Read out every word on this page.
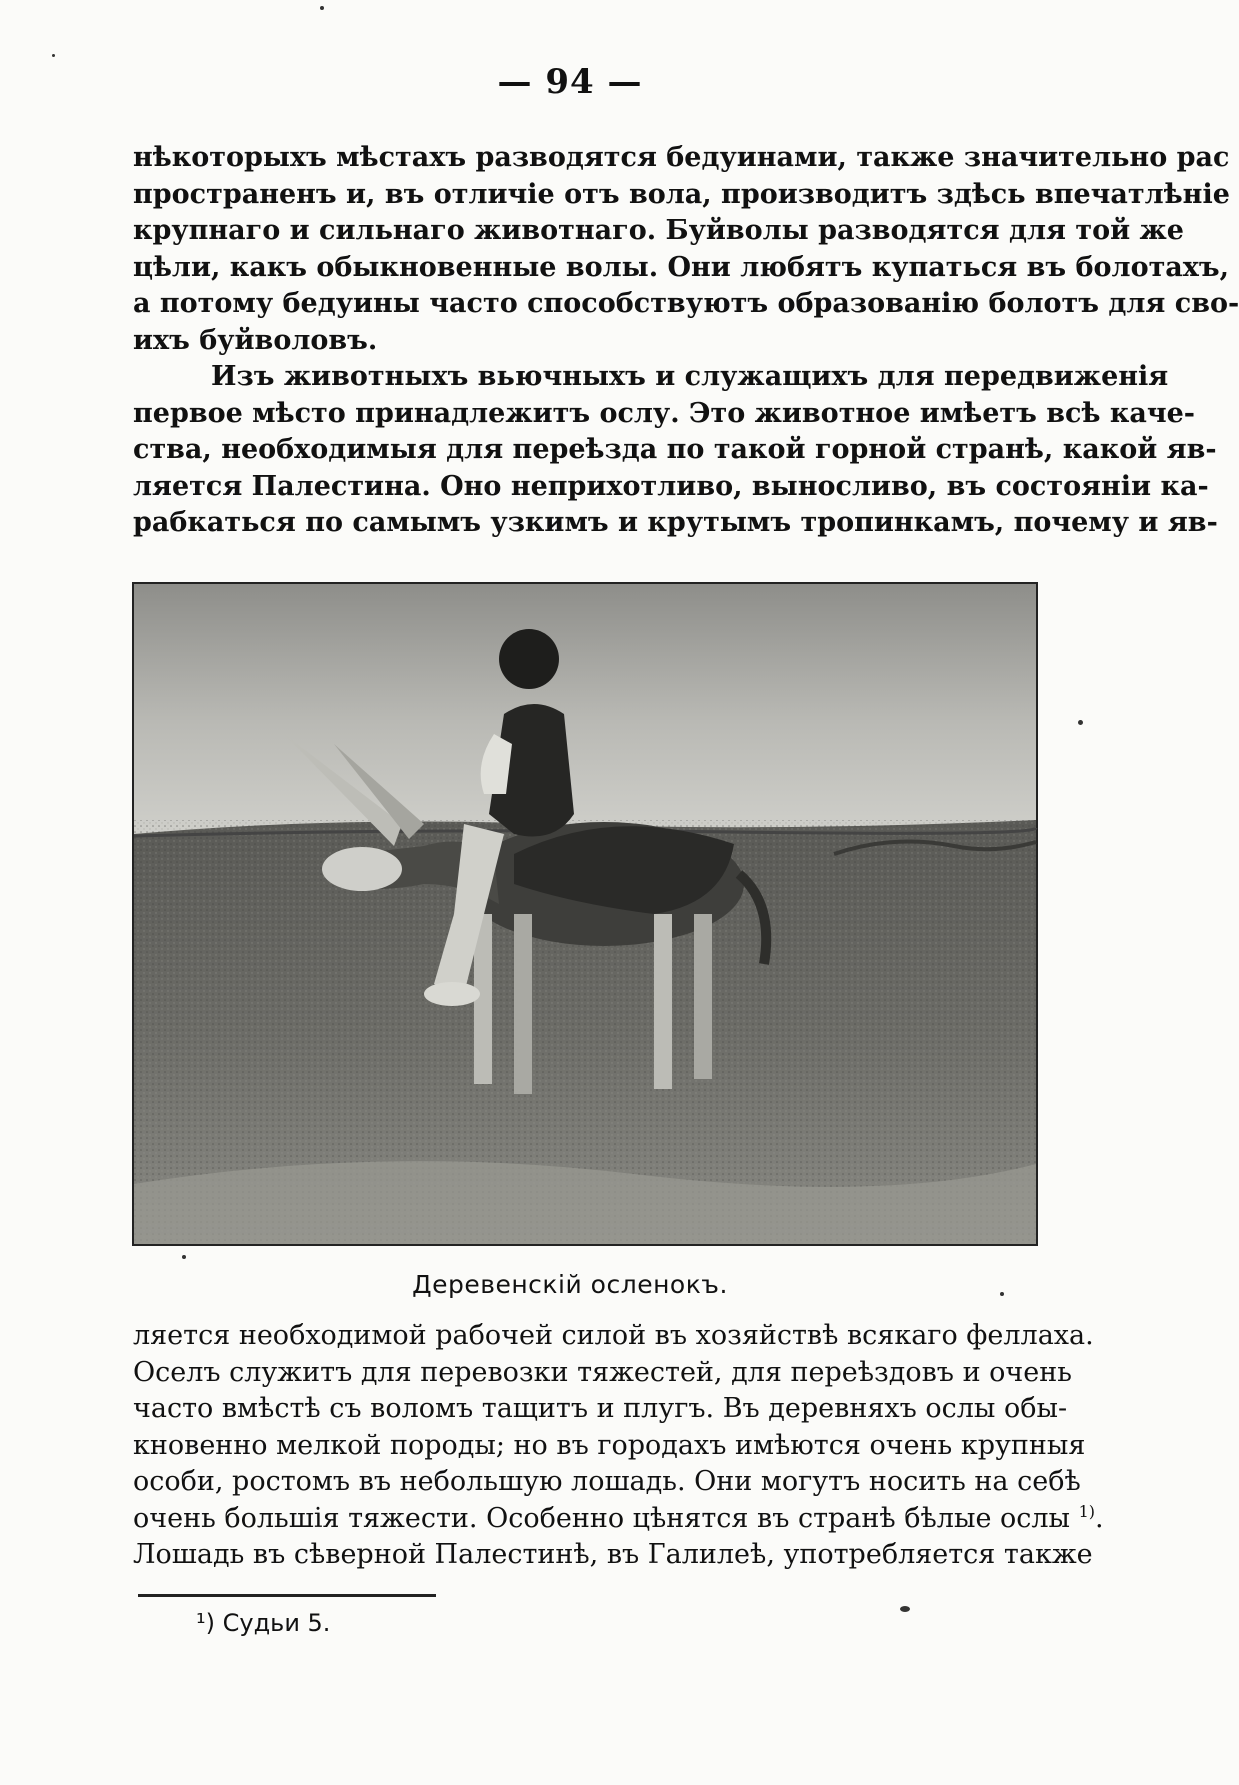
— 94 —

нѣкоторыхъ мѣстахъ разводятся бедуинами, также значительно рас

пространенъ и, въ отличіе отъ вола, производитъ здѣсь впечатлѣніе

крупнаго и сильнаго животнаго. Буйволы разводятся для той же

цѣли, какъ обыкновенные волы. Они любятъ купаться въ болотахъ,

а потому бедуины часто способствуютъ образованію болотъ для сво-

ихъ буйволовъ.

Изъ животныхъ вьючныхъ и служащихъ для передвиженія

первое мѣсто принадлежитъ ослу. Это животное имѣетъ всѣ каче-

ства, необходимыя для переѣзда по такой горной странѣ, какой яв-

ляется Палестина. Оно неприхотливо, выносливо, въ состояніи ка-

рабкаться по самымъ узкимъ и крутымъ тропинкамъ, почему и яв-

Деревенскій осленокъ.

ляется необходимой рабочей силой въ хозяйствѣ всякаго феллаха.

Оселъ служитъ для перевозки тяжестей, для переѣздовъ и очень

часто вмѣстѣ съ воломъ тащитъ и плугъ. Въ деревняхъ ослы обы-

кновенно мелкой породы; но въ городахъ имѣются очень крупныя

особи, ростомъ въ небольшую лошадь. Они могутъ носить на себѣ

очень большія тяжести. Особенно цѣнятся въ странѣ бѣлые ослы $^{1)}$.

Лошадь въ сѣверной Палестинѣ, въ Галилеѣ, употребляется также

¹) Судьи 5.
